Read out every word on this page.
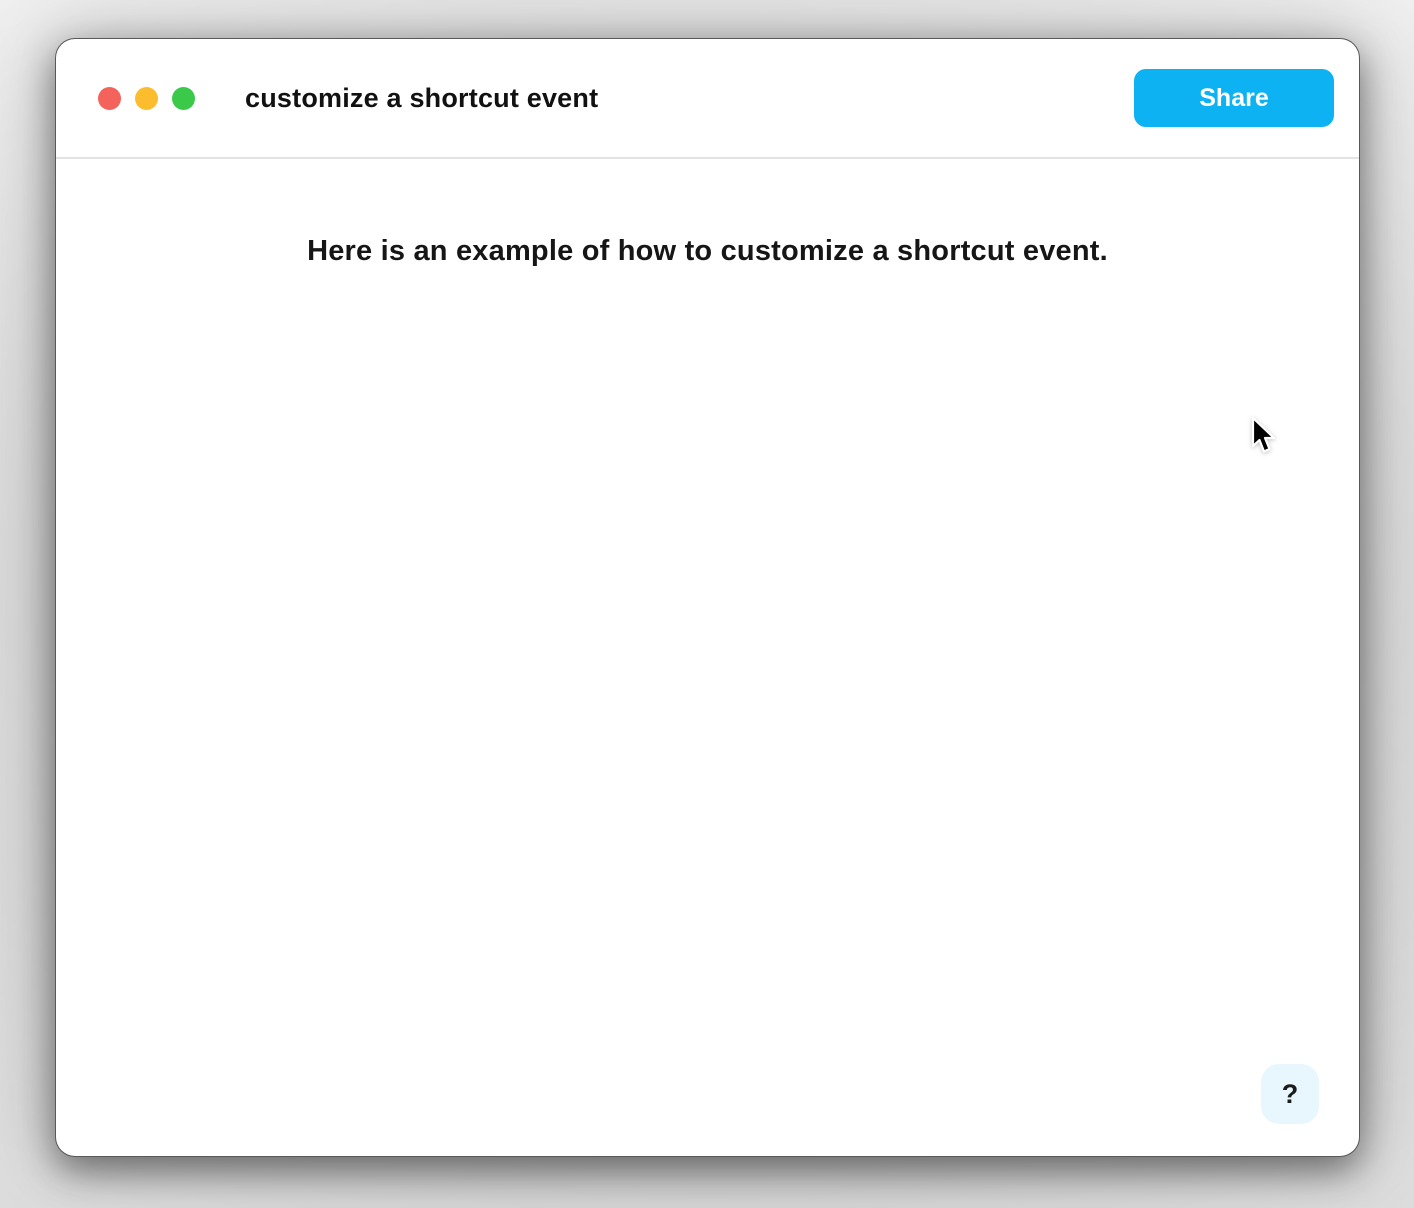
customize a shortcut event	Share

Here is an example of how to customize a shortcut event.

?
